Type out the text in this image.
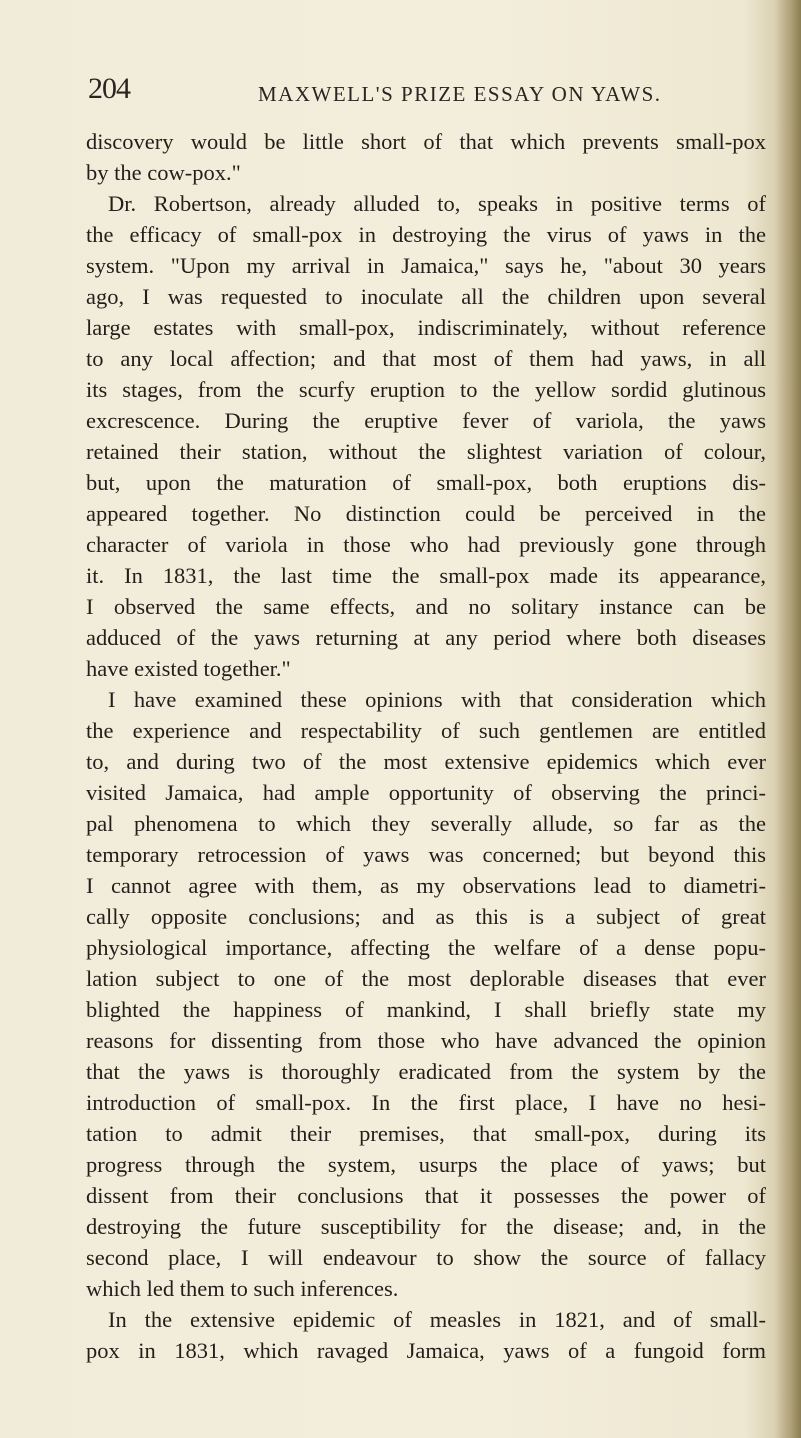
204	MAXWELL'S PRIZE ESSAY ON YAWS.
discovery would be little short of that which prevents small-pox
by the cow-pox."
Dr. Robertson, already alluded to, speaks in positive terms of
the efficacy of small-pox in destroying the virus of yaws in the
system. "Upon my arrival in Jamaica," says he, "about 30 years
ago, I was requested to inoculate all the children upon several
large estates with small-pox, indiscriminately, without reference
to any local affection; and that most of them had yaws, in all
its stages, from the scurfy eruption to the yellow sordid glutinous
excrescence. During the eruptive fever of variola, the yaws
retained their station, without the slightest variation of colour,
but, upon the maturation of small-pox, both eruptions dis-
appeared together. No distinction could be perceived in the
character of variola in those who had previously gone through
it. In 1831, the last time the small-pox made its appearance,
I observed the same effects, and no solitary instance can be
adduced of the yaws returning at any period where both diseases
have existed together."
I have examined these opinions with that consideration which
the experience and respectability of such gentlemen are entitled
to, and during two of the most extensive epidemics which ever
visited Jamaica, had ample opportunity of observing the princi-
pal phenomena to which they severally allude, so far as the
temporary retrocession of yaws was concerned; but beyond this
I cannot agree with them, as my observations lead to diametri-
cally opposite conclusions; and as this is a subject of great
physiological importance, affecting the welfare of a dense popu-
lation subject to one of the most deplorable diseases that ever
blighted the happiness of mankind, I shall briefly state my
reasons for dissenting from those who have advanced the opinion
that the yaws is thoroughly eradicated from the system by the
introduction of small-pox. In the first place, I have no hesi-
tation to admit their premises, that small-pox, during its
progress through the system, usurps the place of yaws; but
dissent from their conclusions that it possesses the power of
destroying the future susceptibility for the disease; and, in the
second place, I will endeavour to show the source of fallacy
which led them to such inferences.
In the extensive epidemic of measles in 1821, and of small-
pox in 1831, which ravaged Jamaica, yaws of a fungoid form
